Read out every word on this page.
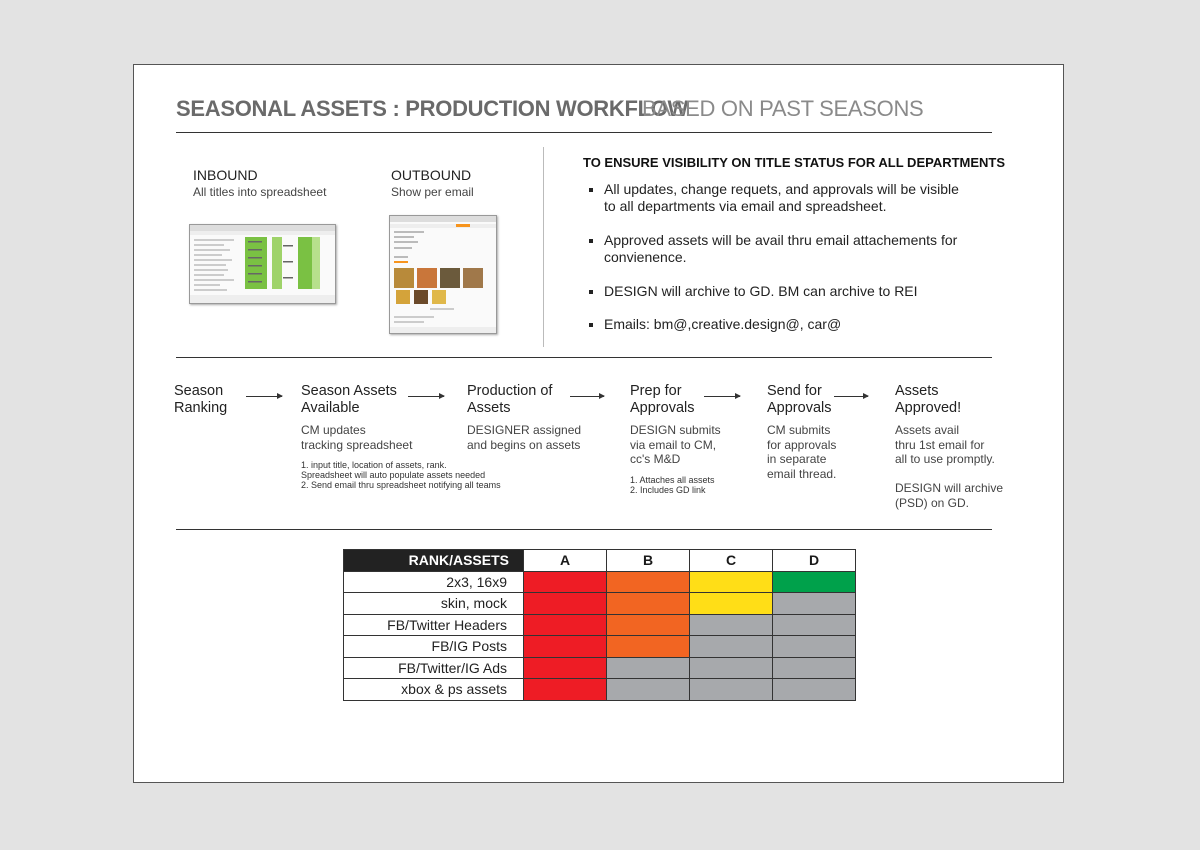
SEASONAL ASSETS : PRODUCTION WORKFLOW
BASED ON PAST SEASONS
INBOUND
All titles into spreadsheet
OUTBOUND
Show per email
TO ENSURE VISIBILITY ON TITLE STATUS FOR ALL DEPARTMENTS
All updates, change requets, and approvals will be visible to all departments via email and spreadsheet.
Approved assets will be avail thru email attachements for convienence.
DESIGN will archive to GD. BM can archive to REI
Emails: bm@,creative.design@, car@
Season
Ranking
Season Assets
Available
CM updates
tracking spreadsheet
1. input title, location of assets, rank.
Spreadsheet will auto populate assets needed
2. Send email thru spreadsheet notifying all teams
Production of
Assets
DESIGNER assigned
and begins on assets
Prep for
Approvals
DESIGN submits
via email to CM,
cc's M&D
1. Attaches all assets
2. Includes GD link
Send for
Approvals
CM submits
for approvals
in separate
email thread.
Assets
Approved!
Assets avail
thru 1st email for
all to use promptly.

DESIGN will archive
(PSD) on GD.
RANK/ASSETS	A	B	C	D
2x3, 16x9				
skin, mock				
FB/Twitter Headers				
FB/IG Posts				
FB/Twitter/IG Ads				
xbox & ps assets				
